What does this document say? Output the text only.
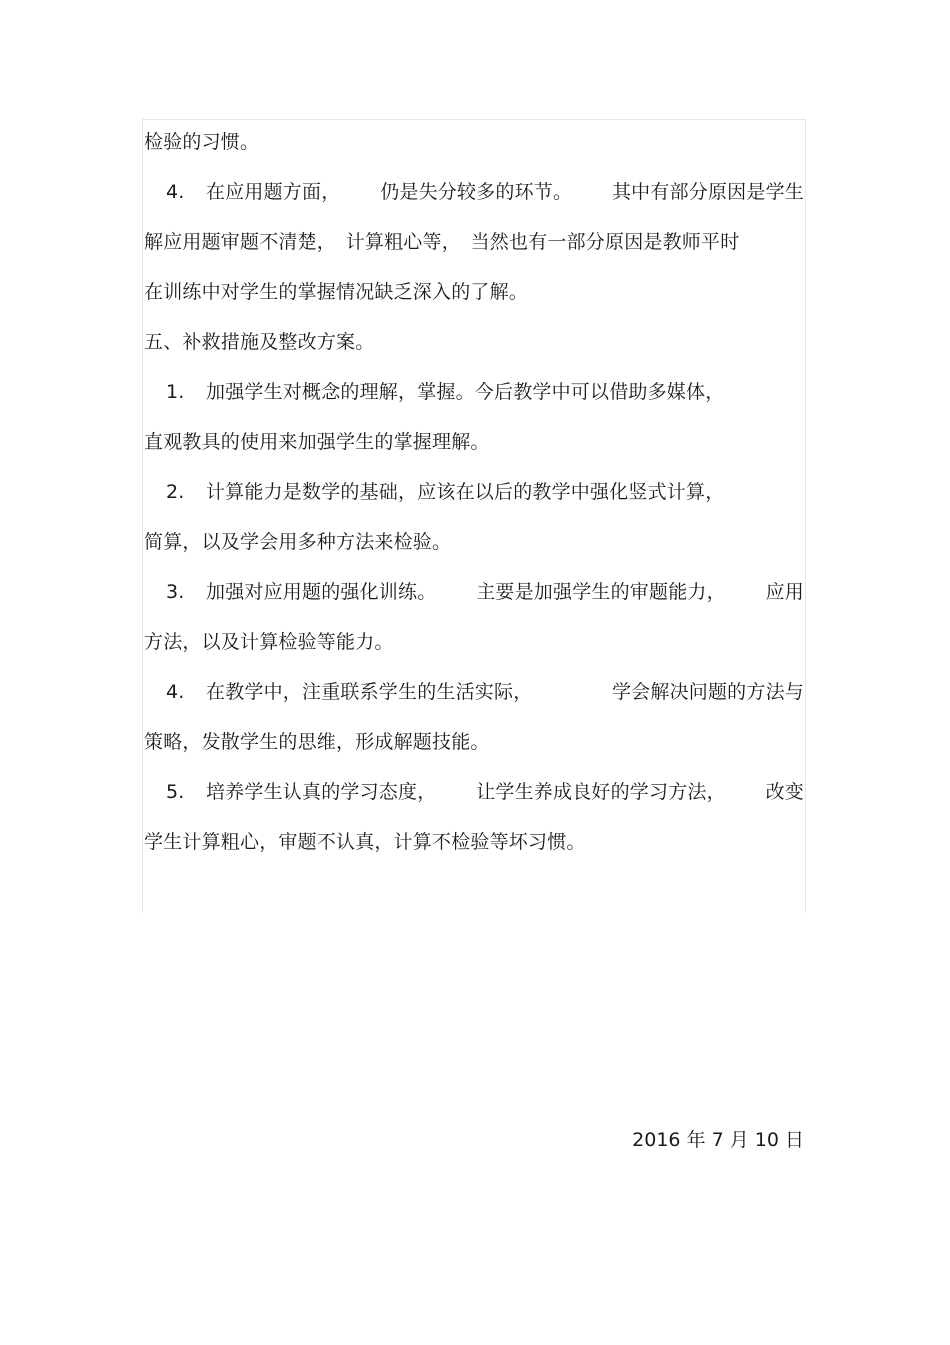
检验的习惯。
4. 在应用题方面， 仍是失分较多的环节。 其中有部分原因是学生
解应用题审题不清楚，　计算粗心等，　当然也有一部分原因是教师平时
在训练中对学生的掌握情况缺乏深入的了解。
五、补救措施及整改方案。
1. 加强学生对概念的理解，掌握。今后教学中可以借助多媒体，
直观教具的使用来加强学生的掌握理解。
2. 计算能力是数学的基础，应该在以后的教学中强化竖式计算，
简算，以及学会用多种方法来检验。
3. 加强对应用题的强化训练。 主要是加强学生的审题能力， 应用
方法，以及计算检验等能力。
4. 在教学中，注重联系学生的生活实际，	学会解决问题的方法与
策略，发散学生的思维，形成解题技能。
5. 培养学生认真的学习态度， 让学生养成良好的学习方法， 改变
学生计算粗心，审题不认真，计算不检验等坏习惯。
2016 年 7 月 10 日
